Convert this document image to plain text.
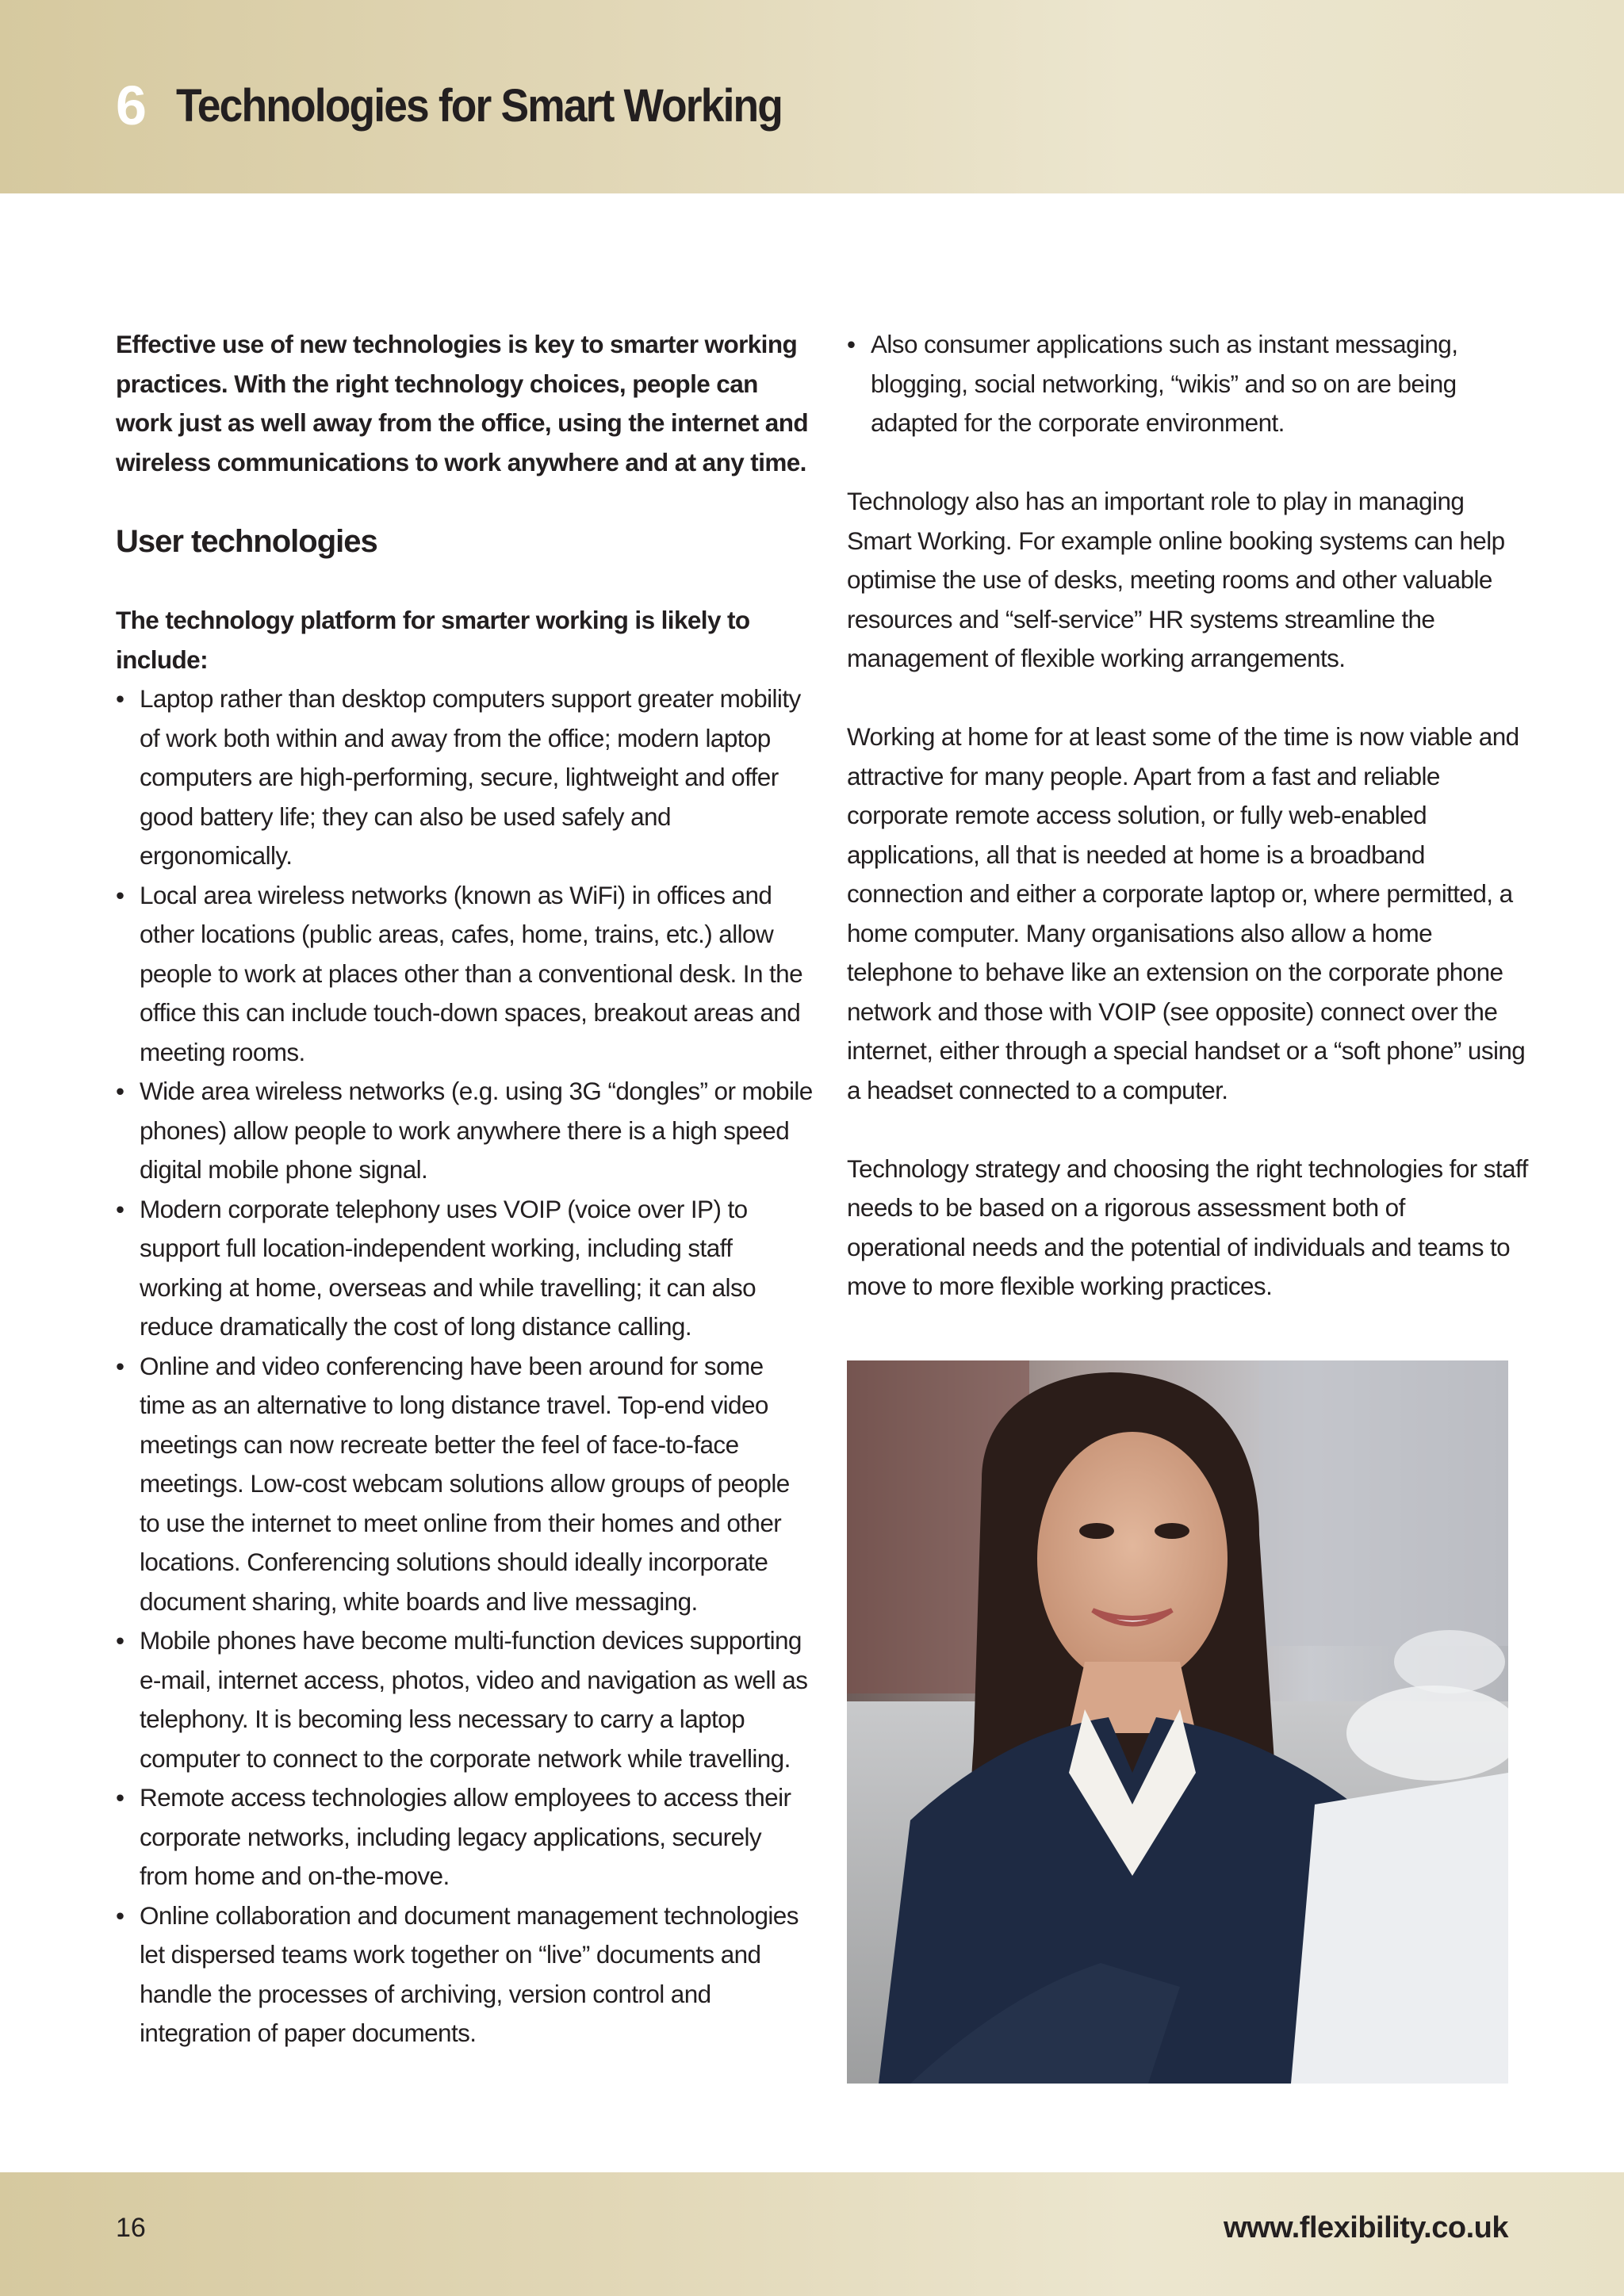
6 Technologies for Smart Working

Effective use of new technologies is key to smarter working practices. With the right technology choices, people can work just as well away from the office, using the internet and wireless communications to work anywhere and at any time.

User technologies

The technology platform for smarter working is likely to include:

• Laptop rather than desktop computers support greater mobility of work both within and away from the office; modern laptop computers are high-performing, secure, lightweight and offer good battery life; they can also be used safely and ergonomically.
• Local area wireless networks (known as WiFi) in offices and other locations (public areas, cafes, home, trains, etc.) allow people to work at places other than a conventional desk. In the office this can include touch-down spaces, breakout areas and meeting rooms.
• Wide area wireless networks (e.g. using 3G “dongles” or mobile phones) allow people to work anywhere there is a high speed digital mobile phone signal.
• Modern corporate telephony uses VOIP (voice over IP) to support full location-independent working, including staff working at home, overseas and while travelling; it can also reduce dramatically the cost of long distance calling.
• Online and video conferencing have been around for some time as an alternative to long distance travel. Top-end video meetings can now recreate better the feel of face-to-face meetings. Low-cost webcam solutions allow groups of people to use the internet to meet online from their homes and other locations. Conferencing solutions should ideally incorporate document sharing, white boards and live messaging.
• Mobile phones have become multi-function devices supporting e-mail, internet access, photos, video and navigation as well as telephony. It is becoming less necessary to carry a laptop computer to connect to the corporate network while travelling.
• Remote access technologies allow employees to access their corporate networks, including legacy applications, securely from home and on-the-move.
• Online collaboration and document management technologies let dispersed teams work together on “live” documents and handle the processes of archiving, version control and integration of paper documents.
• Also consumer applications such as instant messaging, blogging, social networking, “wikis” and so on are being adapted for the corporate environment.

Technology also has an important role to play in managing Smart Working. For example online booking systems can help optimise the use of desks, meeting rooms and other valuable resources and “self-service” HR systems streamline the management of flexible working arrangements.

Working at home for at least some of the time is now viable and attractive for many people. Apart from a fast and reliable corporate remote access solution, or fully web-enabled applications, all that is needed at home is a broadband connection and either a corporate laptop or, where permitted, a home computer. Many organisations also allow a home telephone to behave like an extension on the corporate phone network and those with VOIP (see opposite) connect over the internet, either through a special handset or a “soft phone” using a headset connected to a computer.

Technology strategy and choosing the right technologies for staff needs to be based on a rigorous assessment both of operational needs and the potential of individuals and teams to move to more flexible working practices.

16	www.flexibility.co.uk
